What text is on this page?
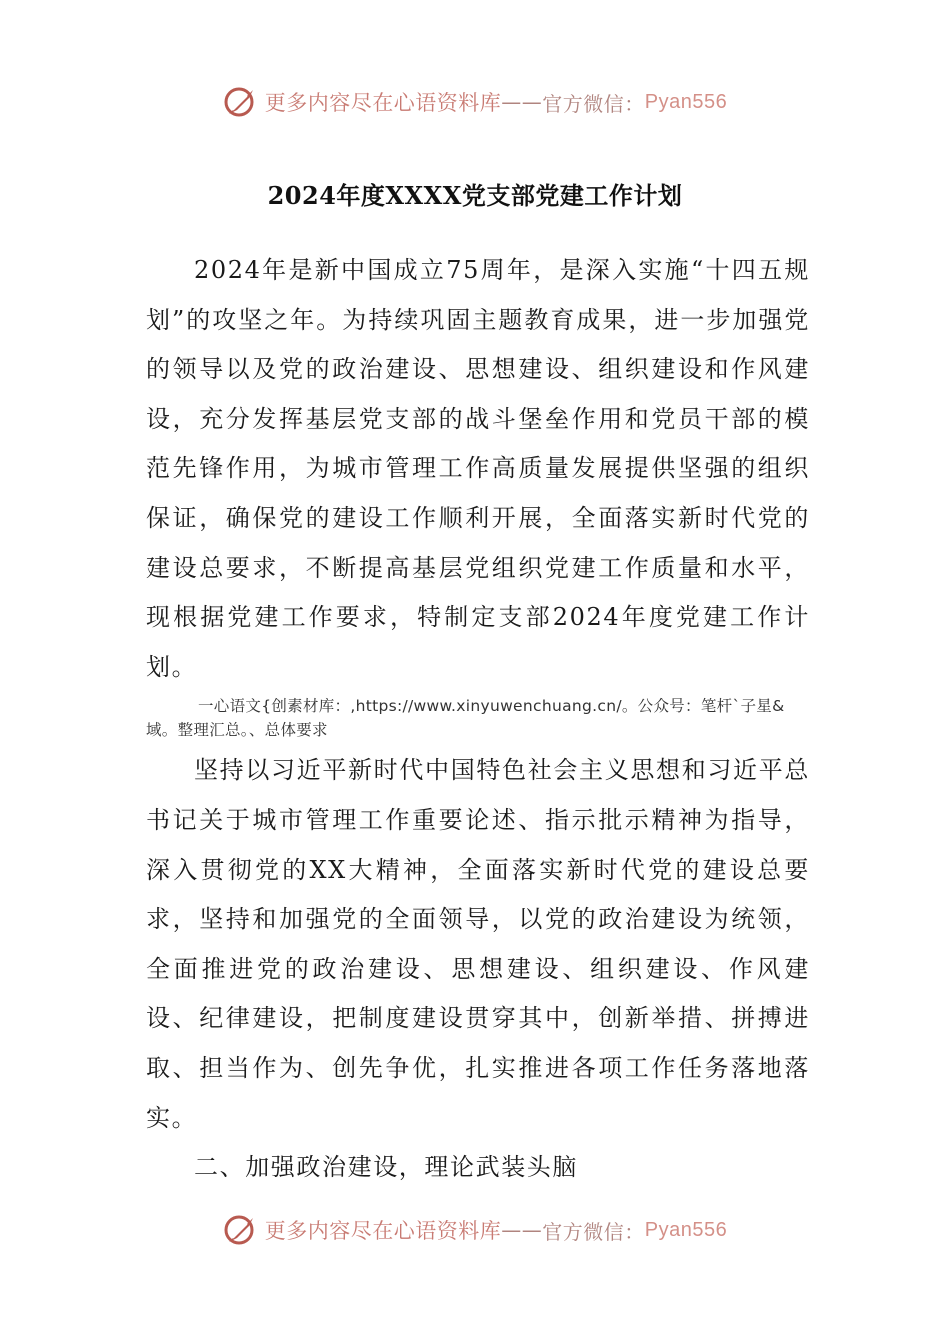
更多内容尽在心语资料库 —— 官方微信： Pyan556
2024年度XXXX党支部党建工作计划

2024年是新中国成立75周年，是深入实施“十四五规划”的攻坚之年。为持续巩固主题教育成果，进一步加强党的领导以及党的政治建设、思想建设、组织建设和作风建设，充分发挥基层党支部的战斗堡垒作用和党员干部的模范先锋作用，为城市管理工作高质量发展提供坚强的组织保证，确保党的建设工作顺利开展，全面落实新时代党的建设总要求，不断提高基层党组织党建工作质量和水平，现根据党建工作要求，特制定支部2024年度党建工作计划。

一心语文{创素材库：,https://www.xinyuwenchuang.cn/。公众号：笔杆`子星&域。整理汇总。、总体要求

坚持以习近平新时代中国特色社会主义思想和习近平总书记关于城市管理工作重要论述、指示批示精神为指导，深入贯彻党的XX大精神，全面落实新时代党的建设总要求，坚持和加强党的全面领导，以党的政治建设为统领，全面推进党的政治建设、思想建设、组织建设、作风建设、纪律建设，把制度建设贯穿其中，创新举措、拼搏进取、担当作为、创先争优，扎实推进各项工作任务落地落实。

二、加强政治建设，理论武装头脑

更多内容尽在心语资料库 —— 官方微信： Pyan556
